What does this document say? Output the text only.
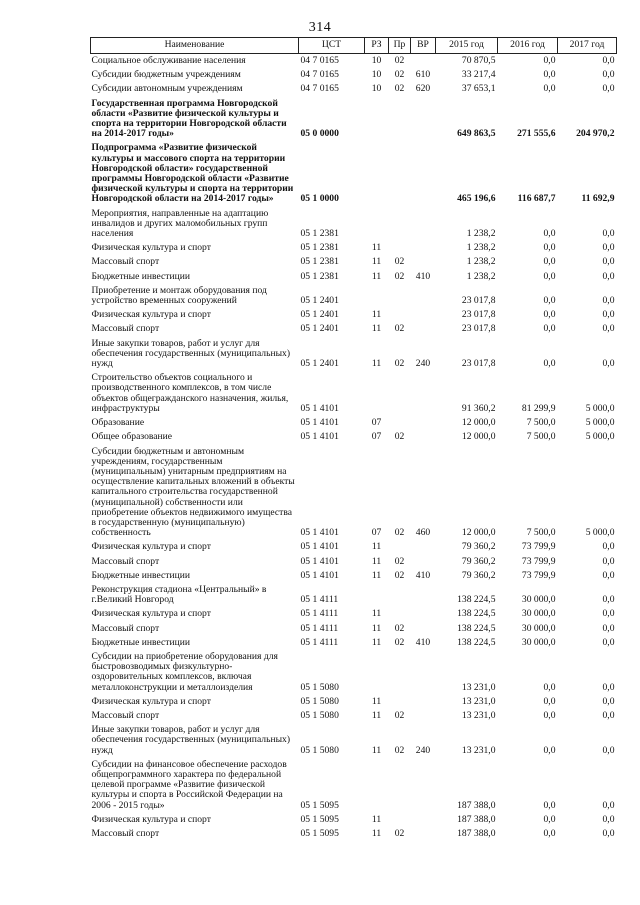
314
Наименование	ЦСТ	РЗ	Пр	ВР	2015 год	2016 год	2017 год
Социальное обслуживание населения	04 7 0165	10	02		70 870,5	0,0	0,0
Субсидии бюджетным учреждениям	04 7 0165	10	02	610	33 217,4	0,0	0,0
Субсидии автономным учреждениям	04 7 0165	10	02	620	37 653,1	0,0	0,0
Государственная программа Новгородской области «Развитие физической культуры и спорта на территории Новгородской области на 2014-2017 годы»	05 0 0000				649 863,5	271 555,6	204 970,2
Подпрограмма «Развитие физической культуры и массового спорта на территории Новгородской области» государственной программы Новгородской области «Развитие физической культуры и спорта на территории Новгородской области на 2014-2017 годы»	05 1 0000				465 196,6	116 687,7	11 692,9
Мероприятия, направленные на адаптацию инвалидов и других маломобильных групп населения	05 1 2381				1 238,2	0,0	0,0
Физическая культура и спорт	05 1 2381	11			1 238,2	0,0	0,0
Массовый спорт	05 1 2381	11	02		1 238,2	0,0	0,0
Бюджетные инвестиции	05 1 2381	11	02	410	1 238,2	0,0	0,0
Приобретение и монтаж оборудования под устройство временных сооружений	05 1 2401				23 017,8	0,0	0,0
Физическая культура и спорт	05 1 2401	11			23 017,8	0,0	0,0
Массовый спорт	05 1 2401	11	02		23 017,8	0,0	0,0
Иные закупки товаров, работ и услуг для обеспечения государственных (муниципальных) нужд	05 1 2401	11	02	240	23 017,8	0,0	0,0
Строительство объектов социального и производственного комплексов, в том числе объектов общегражданского назначения, жилья, инфраструктуры	05 1 4101				91 360,2	81 299,9	5 000,0
Образование	05 1 4101	07			12 000,0	7 500,0	5 000,0
Общее образование	05 1 4101	07	02		12 000,0	7 500,0	5 000,0
Субсидии бюджетным и автономным учреждениям, государственным (муниципальным) унитарным предприятиям на осуществление капитальных вложений в объекты капитального строительства государственной (муниципальной) собственности или приобретение объектов недвижимого имущества в государственную (муниципальную) собственность	05 1 4101	07	02	460	12 000,0	7 500,0	5 000,0
Физическая культура и спорт	05 1 4101	11			79 360,2	73 799,9	0,0
Массовый спорт	05 1 4101	11	02		79 360,2	73 799,9	0,0
Бюджетные инвестиции	05 1 4101	11	02	410	79 360,2	73 799,9	0,0
Реконструкция стадиона «Центральный» в г.Великий Новгород	05 1 4111				138 224,5	30 000,0	0,0
Физическая культура и спорт	05 1 4111	11			138 224,5	30 000,0	0,0
Массовый спорт	05 1 4111	11	02		138 224,5	30 000,0	0,0
Бюджетные инвестиции	05 1 4111	11	02	410	138 224,5	30 000,0	0,0
Субсидии на приобретение оборудования для быстровозводимых физкультурно-оздоровительных комплексов, включая металлоконструкции и металлоизделия	05 1 5080				13 231,0	0,0	0,0
Физическая культура и спорт	05 1 5080	11			13 231,0	0,0	0,0
Массовый спорт	05 1 5080	11	02		13 231,0	0,0	0,0
Иные закупки товаров, работ и услуг для обеспечения государственных (муниципальных) нужд	05 1 5080	11	02	240	13 231,0	0,0	0,0
Субсидии на финансовое обеспечение расходов общепрограммного характера по федеральной целевой программе «Развитие физической культуры и спорта в Российской Федерации на 2006 - 2015 годы»	05 1 5095				187 388,0	0,0	0,0
Физическая культура и спорт	05 1 5095	11			187 388,0	0,0	0,0
Массовый спорт	05 1 5095	11	02		187 388,0	0,0	0,0
